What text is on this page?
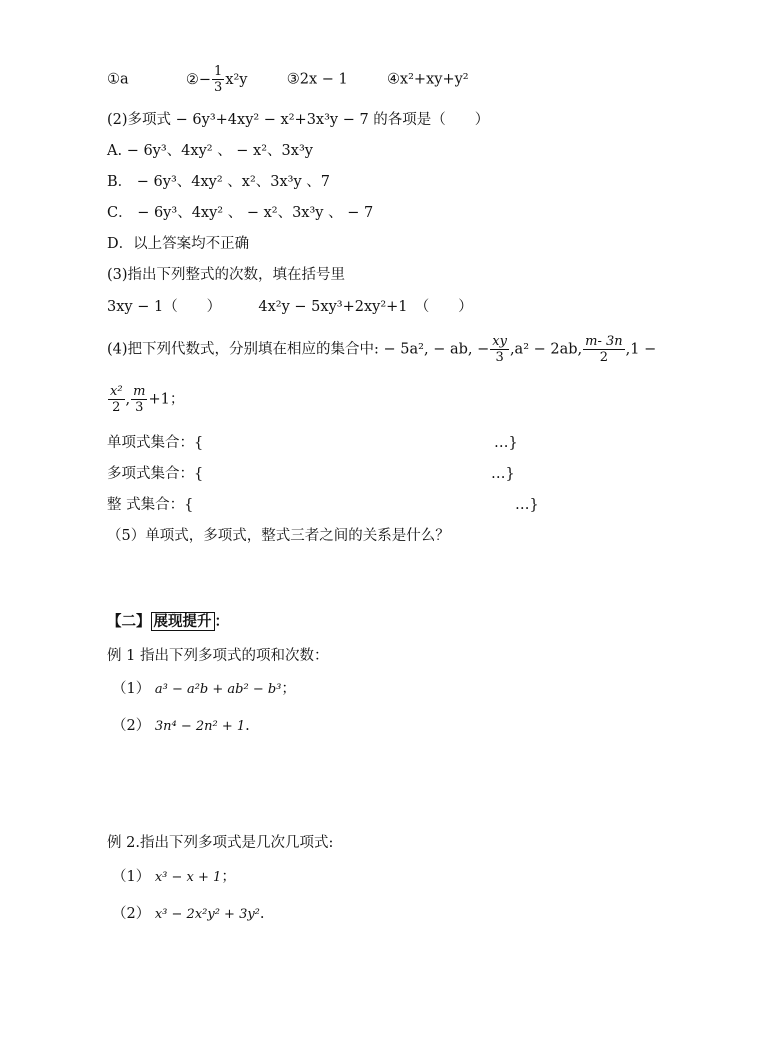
①a	②− $\frac{1}{3} x^2y$	③2x − 1	④x²+xy+y²
(2)多项式 − 6y³+4xy² − x²+3x³y − 7 的各项是（　　）
A. − 6y³、4xy² 、 − x²、3x³y
B． − 6y³、4xy² 、x²、3x³y 、7
C． − 6y³、4xy² 、 − x²、3x³y 、 − 7
D．以上答案均不正确
(3)指出下列整式的次数，填在括号里
3xy − 1（　　）	4x²y − 5xy³+2xy²+1　（　　）
(4)把下列代数式，分别填在相应的集合中: − 5a², − ab, − $\frac{xy}{3} ,a^2 - 2ab$, $\frac{m- 3n}{2} ,1$ −
$\frac{\text{x²}}{2}$ , $\frac{m}{3} +1$；
单项式集合：{	…}
多项式集合：{	…}
整 式集合：{	…}
（5）单项式，多项式，整式三者之间的关系是什么？
【二】 展现提升 ：
例 1 指出下列多项式的项和次数：
（1） a³ − a²b + ab² − b³；
（2） 3n⁴ − 2n² + 1.
例 2.指出下列多项式是几次几项式:
（1） x³ − x + 1；
（2） x³ − 2x²y² + 3y².
